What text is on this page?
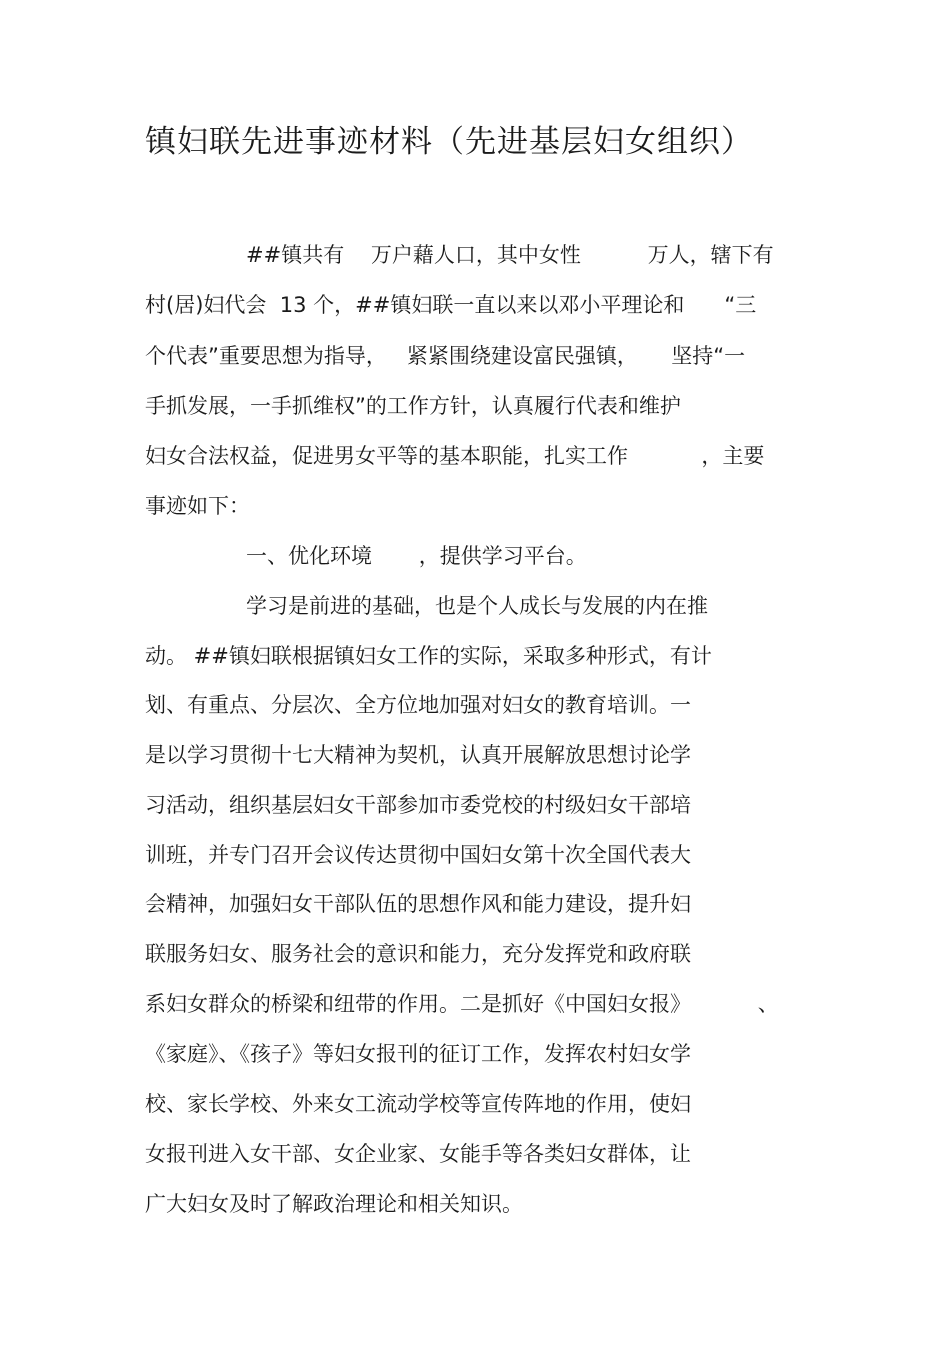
镇妇联先进事迹材料（先进基层妇女组织）
##镇共有    万户藉人口，其中女性          万人，辖下有
村(居)妇代会  13 个，##镇妇联一直以来以邓小平理论和      “三
个代表”重要思想为指导，   紧紧围绕建设富民强镇，     坚持“一
手抓发展，一手抓维权”的工作方针，认真履行代表和维护
妇女合法权益，促进男女平等的基本职能，扎实工作           ，主要
事迹如下：
一、优化环境       ，提供学习平台。
学习是前进的基础，也是个人成长与发展的内在推
动。 ##镇妇联根据镇妇女工作的实际，采取多种形式，有计
划、有重点、分层次、全方位地加强对妇女的教育培训。一
是以学习贯彻十七大精神为契机，认真开展解放思想讨论学
习活动，组织基层妇女干部参加市委党校的村级妇女干部培
训班，并专门召开会议传达贯彻中国妇女第十次全国代表大
会精神，加强妇女干部队伍的思想作风和能力建设，提升妇
联服务妇女、服务社会的意识和能力，充分发挥党和政府联
系妇女群众的桥梁和纽带的作用。二是抓好《中国妇女报》          、
《家庭》、《孩子》等妇女报刊的征订工作，发挥农村妇女学
校、家长学校、外来女工流动学校等宣传阵地的作用，使妇
女报刊进入女干部、女企业家、女能手等各类妇女群体，让
广大妇女及时了解政治理论和相关知识。
